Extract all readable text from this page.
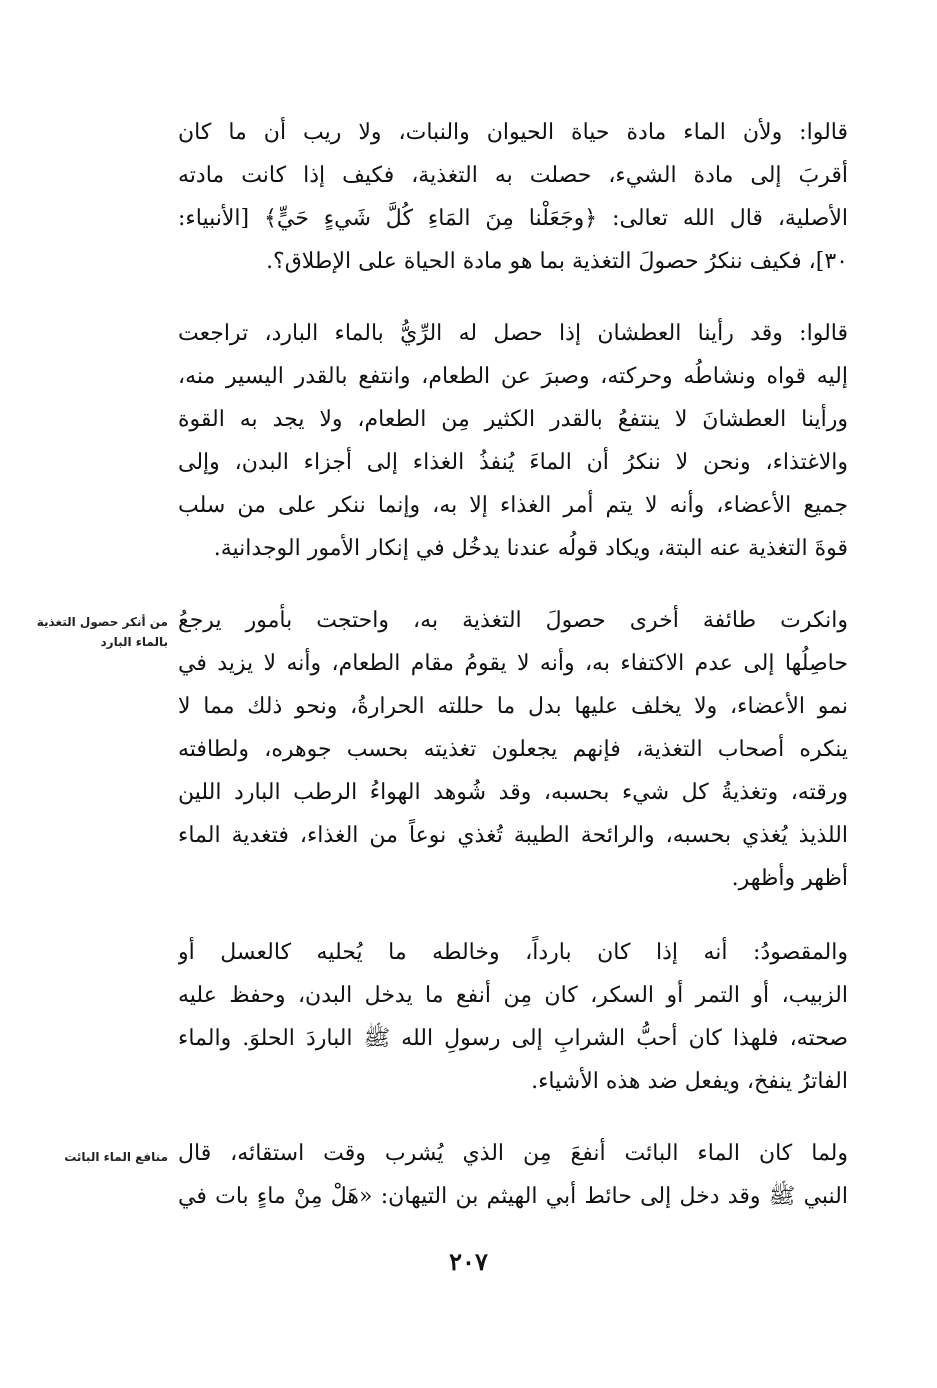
قالوا: ولأن الماء مادة حياة الحيوان والنبات، ولا ريب أن ما كان
أقربَ إلى مادة الشيء، حصلت به التغذية، فكيف إذا كانت مادته
الأصلية، قال الله تعالى: ﴿وجَعَلْنا مِنَ المَاءِ كُلَّ شَيءٍ حَيٍّ﴾ [الأنبياء:
٣٠]، فكيف ننكرُ حصولَ التغذية بما هو مادة الحياة على الإطلاق؟.
قالوا: وقد رأينا العطشان إذا حصل له الرِّيُّ بالماء البارد، تراجعت
إليه قواه ونشاطُه وحركته، وصبرَ عن الطعام، وانتفع بالقدر اليسير منه،
ورأينا العطشانَ لا ينتفعُ بالقدر الكثير مِن الطعام، ولا يجد به القوة
والاغتذاء، ونحن لا ننكرُ أن الماءَ يُنفذُ الغذاء إلى أجزاء البدن، وإلى
جميع الأعضاء، وأنه لا يتم أمر الغذاء إلا به، وإنما ننكر على من سلب
قوةَ التغذية عنه البتة، ويكاد قولُه عندنا يدخُل في إنكار الأمور الوجدانية.
وانكرت طائفة أخرى حصولَ التغذية به، واحتجت بأمور يرجعُ
حاصِلُها إلى عدم الاكتفاء به، وأنه لا يقومُ مقام الطعام، وأنه لا يزيد في
نمو الأعضاء، ولا يخلف عليها بدل ما حللته الحرارةُ، ونحو ذلك مما لا
ينكره أصحاب التغذية، فإنهم يجعلون تغذيته بحسب جوهره، ولطافته
ورقته، وتغذيةُ كل شيء بحسبه، وقد شُوهد الهواءُ الرطب البارد اللين
اللذيذ يُغذي بحسبه، والرائحة الطيبة تُغذي نوعاً من الغذاء، فتغدية الماء
أظهر وأظهر.
والمقصودُ: أنه إذا كان بارداً، وخالطه ما يُحليه كالعسل أو
الزبيب، أو التمر أو السكر، كان مِن أنفع ما يدخل البدن، وحفظ عليه
صحته، فلهذا كان أحبُّ الشرابِ إلى رسولِ الله ﷺ الباردَ الحلوَ. والماء
الفاترُ ينفخ، ويفعل ضد هذه الأشياء.
ولما كان الماء البائت أنفعَ مِن الذي يُشرب وقت استقائه، قال
النبي ﷺ وقد دخل إلى حائط أبي الهيثم بن التيهان: «هَلْ مِنْ ماءٍ بات في
من أنكر حصول التغذية بالماء البارد
منافع الماء البائت
٢٠٧
